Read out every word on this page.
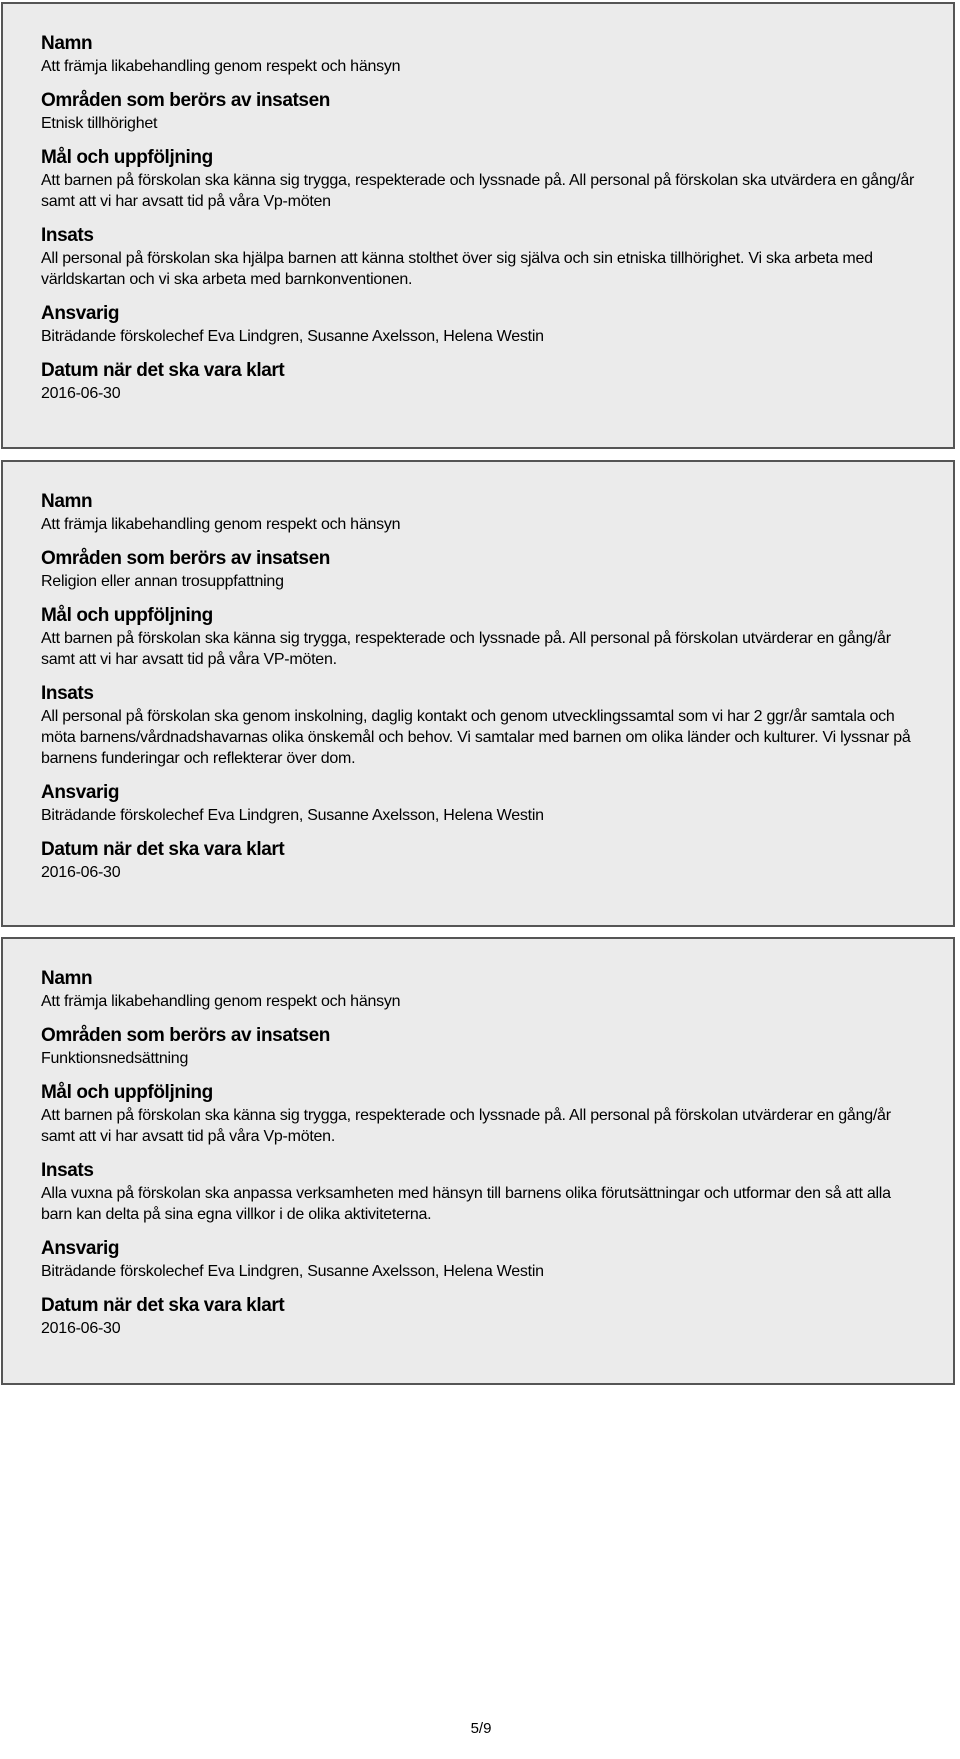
Namn

Att främja likabehandling genom respekt och hänsyn

Områden som berörs av insatsen

Etnisk tillhörighet

Mål och uppföljning

Att barnen på förskolan ska känna sig trygga, respekterade och lyssnade på. All personal på förskolan ska utvärdera en gång/år samt att vi har avsatt tid på våra Vp-möten

Insats

All personal på förskolan ska hjälpa barnen att känna stolthet över sig själva och sin etniska tillhörighet. Vi ska arbeta med världskartan och vi ska arbeta med barnkonventionen.

Ansvarig

Biträdande förskolechef Eva Lindgren, Susanne Axelsson, Helena Westin

Datum när det ska vara klart

2016-06-30

Namn

Att främja likabehandling genom respekt och hänsyn

Områden som berörs av insatsen

Religion eller annan trosuppfattning

Mål och uppföljning

Att barnen på förskolan ska känna sig trygga, respekterade och lyssnade på. All personal på förskolan utvärderar en gång/år samt att vi har avsatt tid på våra VP-möten.

Insats

All personal på förskolan ska genom inskolning, daglig kontakt och genom utvecklingssamtal som vi har 2 ggr/år samtala och möta barnens/vårdnadshavarnas olika önskemål och behov. Vi samtalar med barnen om olika länder och kulturer. Vi lyssnar på barnens funderingar och reflekterar över dom.

Ansvarig

Biträdande förskolechef Eva Lindgren, Susanne Axelsson, Helena Westin

Datum när det ska vara klart

2016-06-30

Namn

Att främja likabehandling genom respekt och hänsyn

Områden som berörs av insatsen

Funktionsnedsättning

Mål och uppföljning

Att barnen på förskolan ska känna sig trygga, respekterade och lyssnade på. All personal på förskolan utvärderar en gång/år samt att vi har avsatt tid på våra Vp-möten.

Insats

Alla vuxna på förskolan ska anpassa verksamheten med hänsyn till barnens olika förutsättningar och utformar den så att alla barn kan delta på sina egna villkor i de olika aktiviteterna.

Ansvarig

Biträdande förskolechef Eva Lindgren, Susanne Axelsson, Helena Westin

Datum när det ska vara klart

2016-06-30

5/9
